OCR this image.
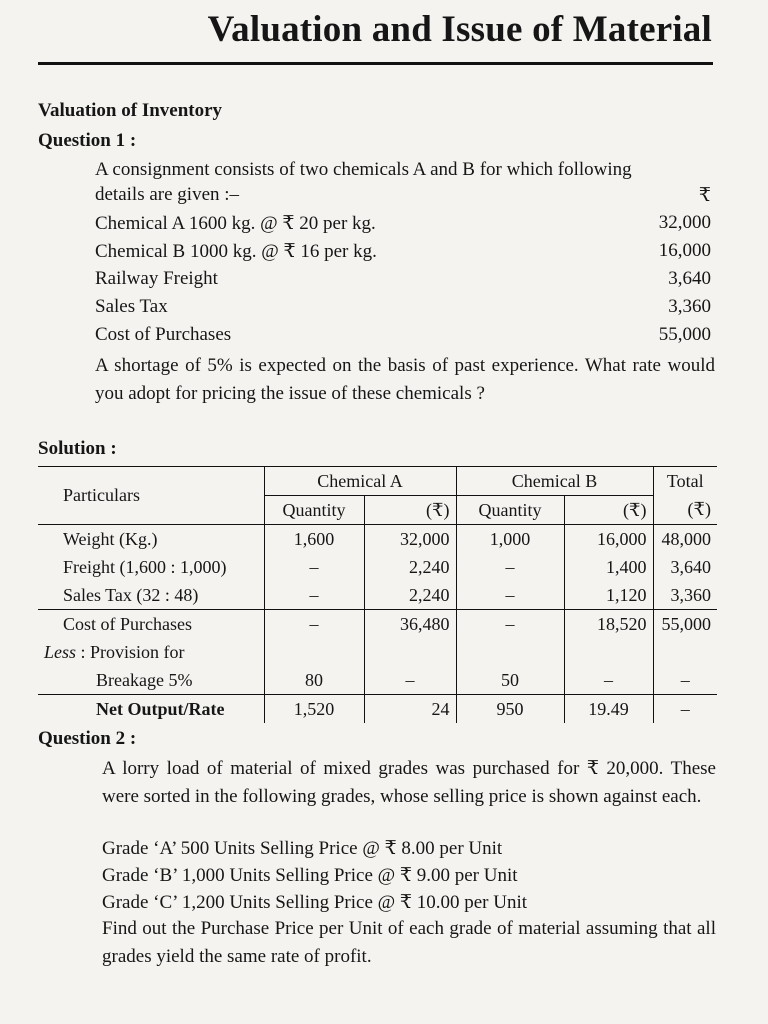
Valuation and Issue of Material
Valuation of Inventory
Question 1 :
A consignment consists of two chemicals A and B for which following
details are given :–	₹
Chemical A 1600 kg. @ ₹ 20 per kg.	32,000
Chemical B 1000 kg. @ ₹ 16 per kg.	16,000
Railway Freight	3,640
Sales Tax	3,360
Cost of Purchases	55,000
A shortage of 5% is expected on the basis of past experience. What rate would you adopt for pricing the issue of these chemicals ?
Solution :
Particulars	Chemical A		Chemical B		Total
	Quantity	(₹)	Quantity	(₹)	(₹)
Weight (Kg.)	1,600	32,000	1,000	16,000	48,000
Freight (1,600 : 1,000)	–	2,240	–	1,400	3,640
Sales Tax (32 : 48)	–	2,240	–	1,120	3,360
Cost of Purchases	–	36,480	–	18,520	55,000
Less : Provision for					
Breakage 5%	80	–	50	–	–
Net Output/Rate	1,520	24	950	19.49	–
Question 2 :
A lorry load of material of mixed grades was purchased for ₹ 20,000. These were sorted in the following grades, whose selling price is shown against each.
Grade ‘A’ 500 Units Selling Price @ ₹ 8.00 per Unit
Grade ‘B’ 1,000 Units Selling Price @ ₹ 9.00 per Unit
Grade ‘C’ 1,200 Units Selling Price @ ₹ 10.00 per Unit
Find out the Purchase Price per Unit of each grade of material assuming that all grades yield the same rate of profit.
